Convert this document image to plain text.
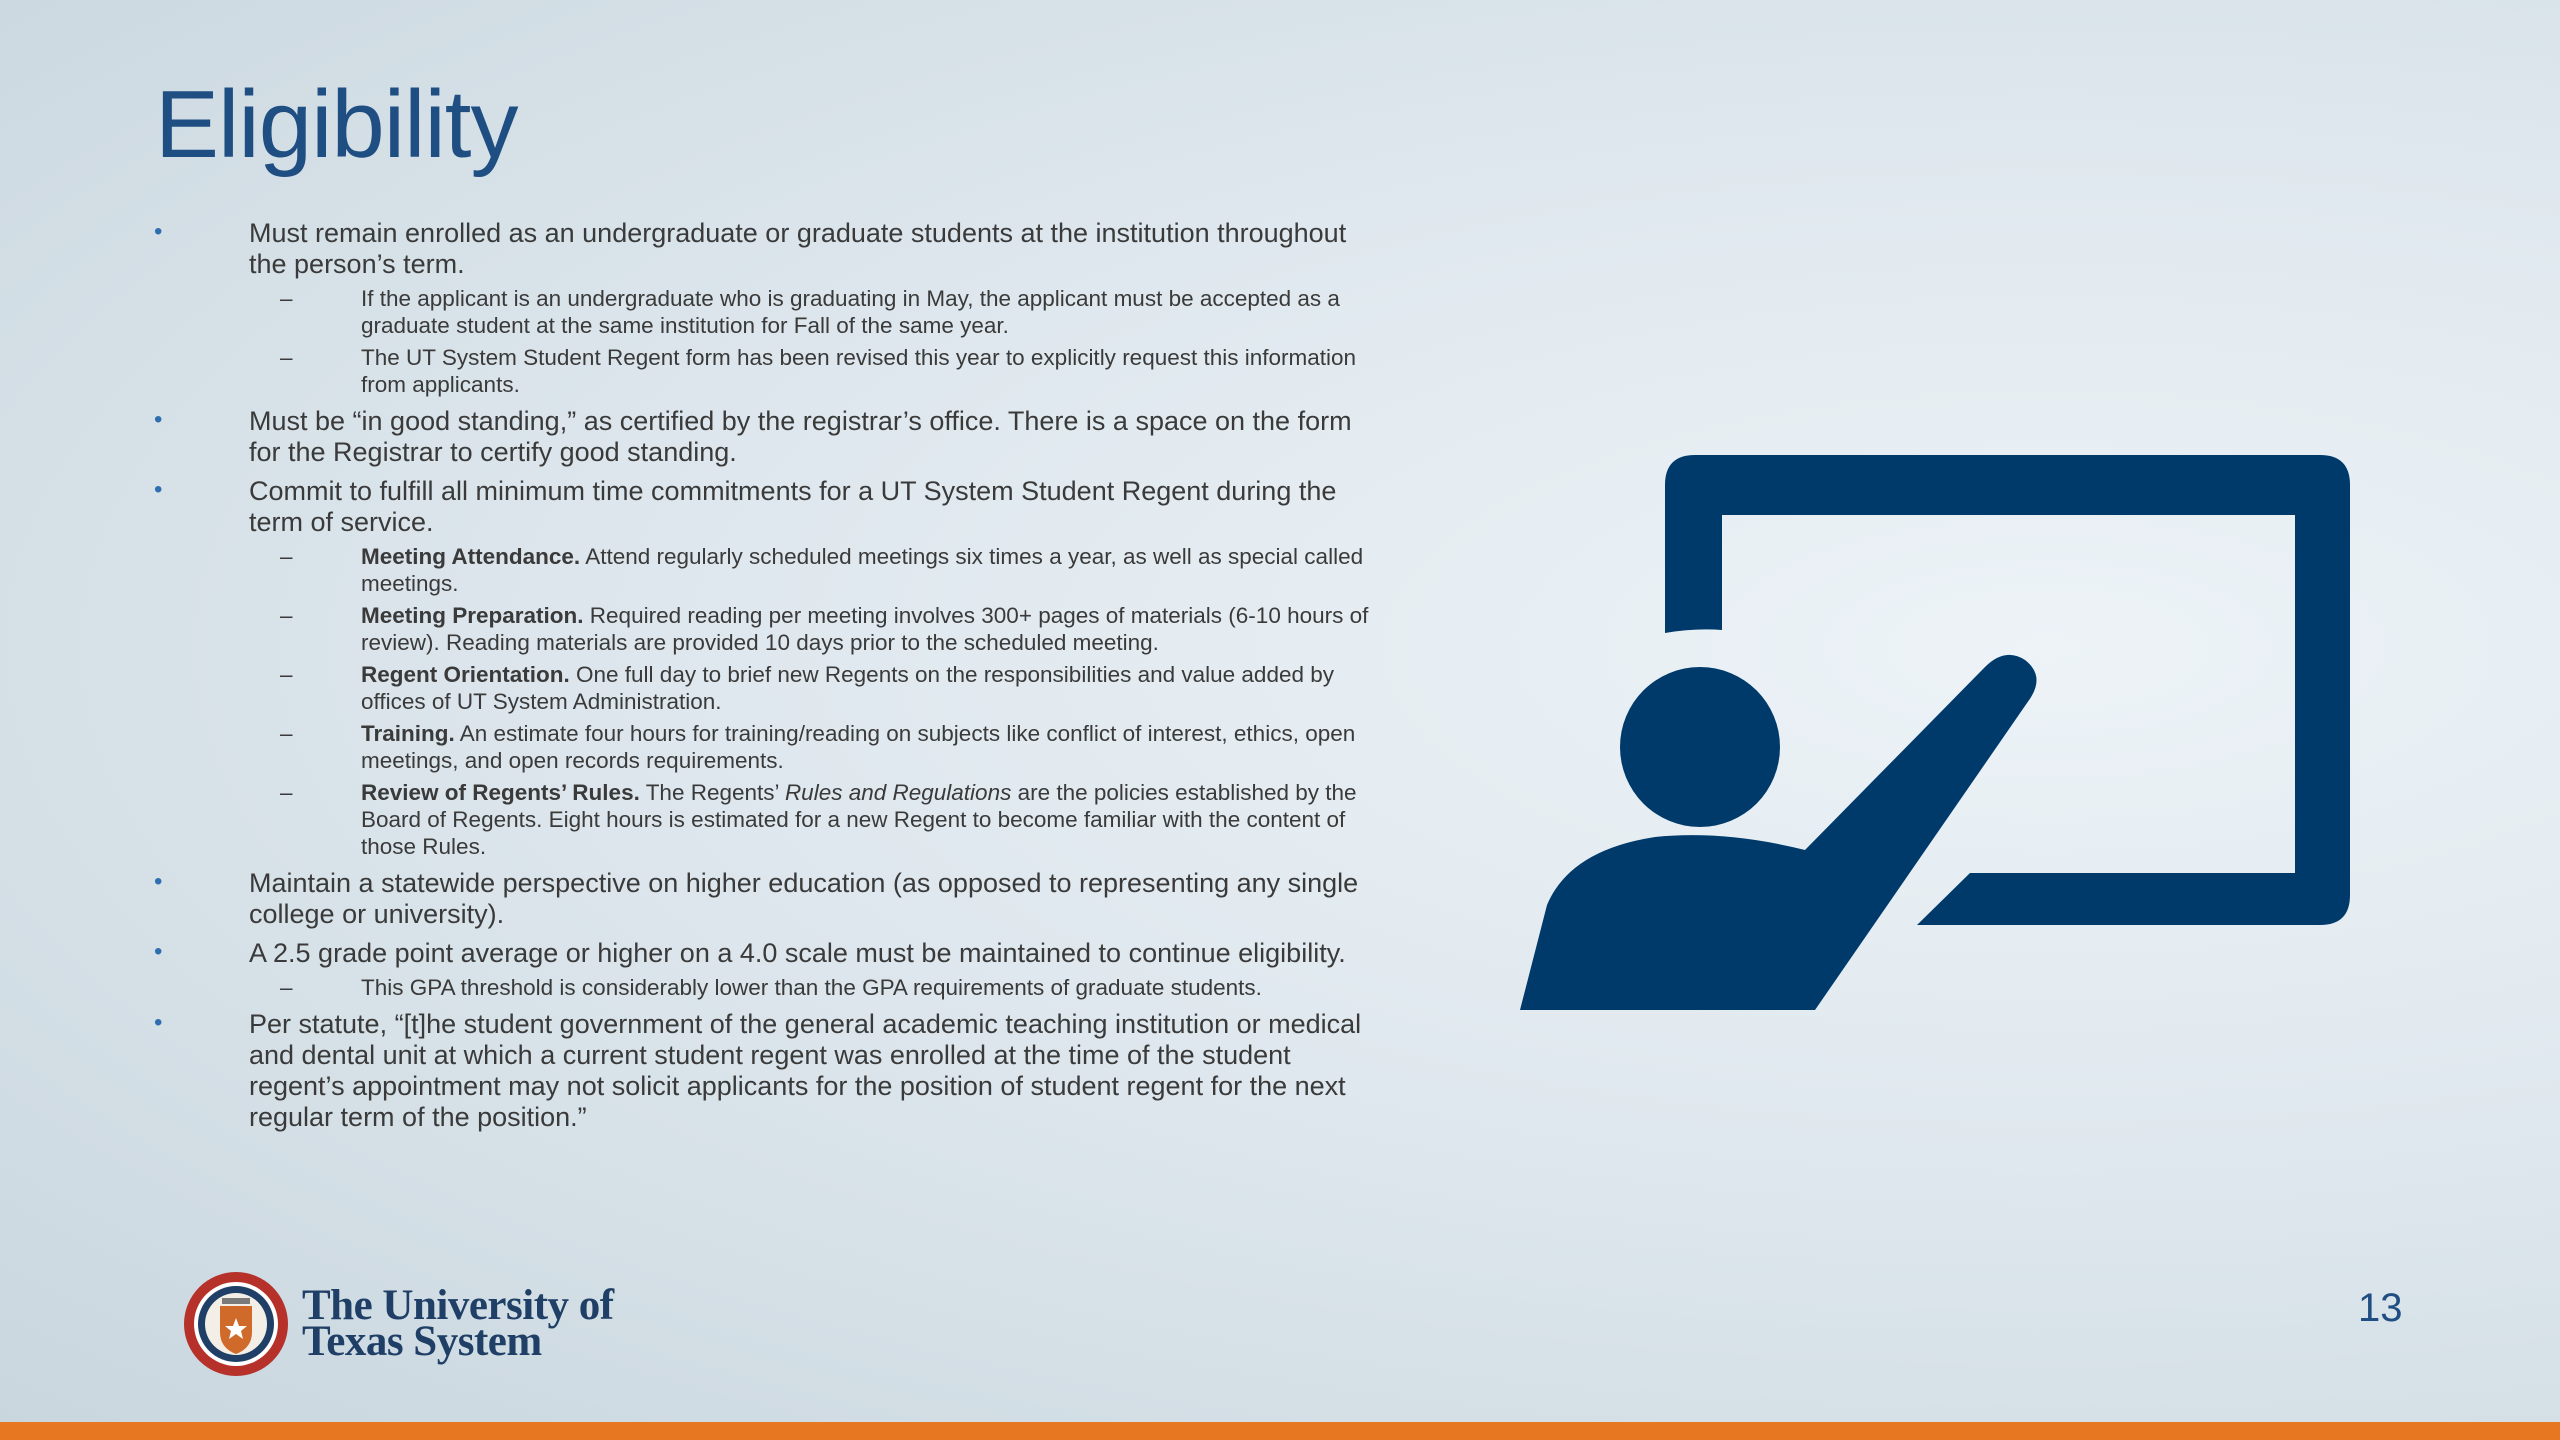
Eligibility
•	Must remain enrolled as an undergraduate or graduate students at the institution throughout the person’s term.
–	If the applicant is an undergraduate who is graduating in May, the applicant must be accepted as a graduate student at the same institution for Fall of the same year.
–	The UT System Student Regent form has been revised this year to explicitly request this information from applicants.
•	Must be “in good standing,” as certified by the registrar’s office. There is a space on the form for the Registrar to certify good standing.
•	Commit to fulfill all minimum time commitments for a UT System Student Regent during the term of service.
–	Meeting Attendance. Attend regularly scheduled meetings six times a year, as well as special called meetings.
–	Meeting Preparation. Required reading per meeting involves 300+ pages of materials (6-10 hours of review). Reading materials are provided 10 days prior to the scheduled meeting.
–	Regent Orientation. One full day to brief new Regents on the responsibilities and value added by offices of UT System Administration.
–	Training. An estimate four hours for training/reading on subjects like conflict of interest, ethics, open meetings, and open records requirements.
–	Review of Regents’ Rules. The Regents’ Rules and Regulations are the policies established by the Board of Regents. Eight hours is estimated for a new Regent to become familiar with the content of those Rules.
•	Maintain a statewide perspective on higher education (as opposed to representing any single college or university).
•	A 2.5 grade point average or higher on a 4.0 scale must be maintained to continue eligibility.
–	This GPA threshold is considerably lower than the GPA requirements of graduate students.
•	Per statute, “[t]he student government of the general academic teaching institution or medical and dental unit at which a current student regent was enrolled at the time of the student regent’s appointment may not solicit applicants for the position of student regent for the next regular term of the position.”
The University of
Texas System
13
